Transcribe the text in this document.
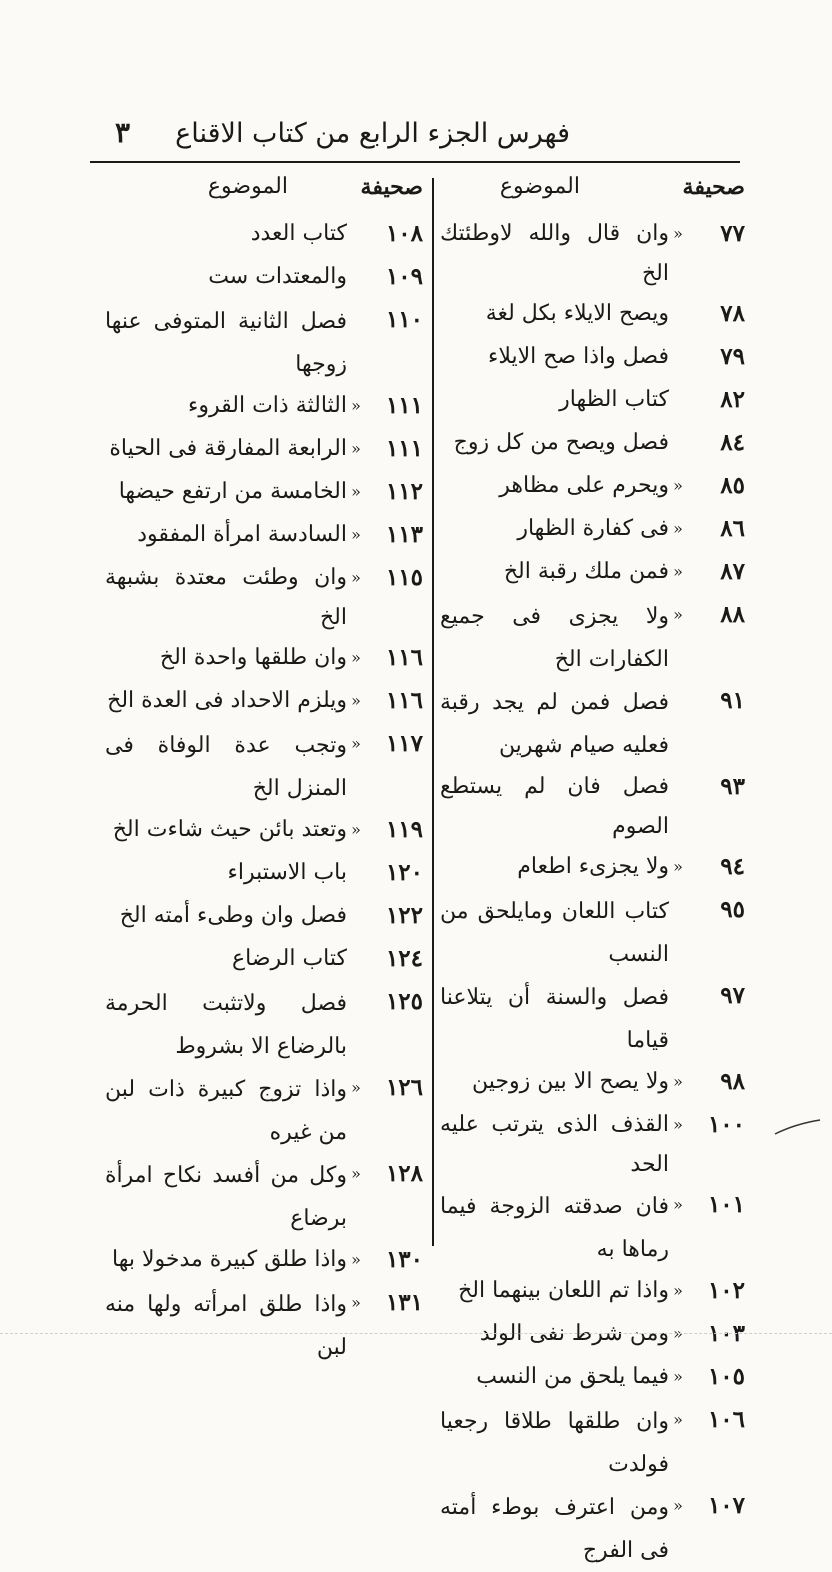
فهرس الجزء الرابع من كتاب الاقناع
٣
صحيفة
الموضوع
٧٧
«
وان قال والله لاوطئتك الخ
٧٨
ويصح الايلاء بكل لغة
٧٩
فصل واذا صح الايلاء
٨٢
كتاب الظهار
٨٤
فصل ويصح من كل زوج
٨٥
«
ويحرم على مظاهر
٨٦
«
فى كفارة الظهار
٨٧
«
فمن ملك رقبة الخ
٨٨
«
ولا يجزى فى جميع الكفارات الخ
٩١
فصل فمن لم يجد رقبة فعليه صيام شهرين
٩٣
فصل فان لم يستطع الصوم
٩٤
«
ولا يجزىء اطعام
٩٥
كتاب اللعان ومايلحق من النسب
٩٧
فصل والسنة أن يتلاعنا قياما
٩٨
«
ولا يصح الا بين زوجين
١٠٠
«
القذف الذى يترتب عليه الحد
١٠١
«
فان صدقته الزوجة فيما رماها به
١٠٢
«
واذا تم اللعان بينهما الخ
١٠٣
«
ومن شرط نفى الولد
١٠٥
«
فيما يلحق من النسب
١٠٦
«
وان طلقها طلاقا رجعيا فولدت
١٠٧
«
ومن اعترف بوطء أمته فى الفرج
صحيفة
الموضوع
١٠٨
كتاب العدد
١٠٩
والمعتدات ست
١١٠
فصل الثانية المتوفى عنها زوجها
١١١
«
الثالثة ذات القروء
١١١
«
الرابعة المفارقة فى الحياة
١١٢
«
الخامسة من ارتفع حيضها
١١٣
«
السادسة امرأة المفقود
١١٥
«
وان وطئت معتدة بشبهة الخ
١١٦
«
وان طلقها واحدة الخ
١١٦
«
ويلزم الاحداد فى العدة الخ
١١٧
«
وتجب عدة الوفاة فى المنزل الخ
١١٩
«
وتعتد بائن حيث شاءت الخ
١٢٠
باب الاستبراء
١٢٢
فصل وان وطىء أمته الخ
١٢٤
كتاب الرضاع
١٢٥
فصل ولاتثبت الحرمة بالرضاع الا بشروط
١٢٦
«
واذا تزوج كبيرة ذات لبن من غيره
١٢٨
«
وكل من أفسد نكاح امرأة برضاع
١٣٠
«
واذا طلق كبيرة مدخولا بها
١٣١
«
واذا طلق امرأته ولها منه لبن
